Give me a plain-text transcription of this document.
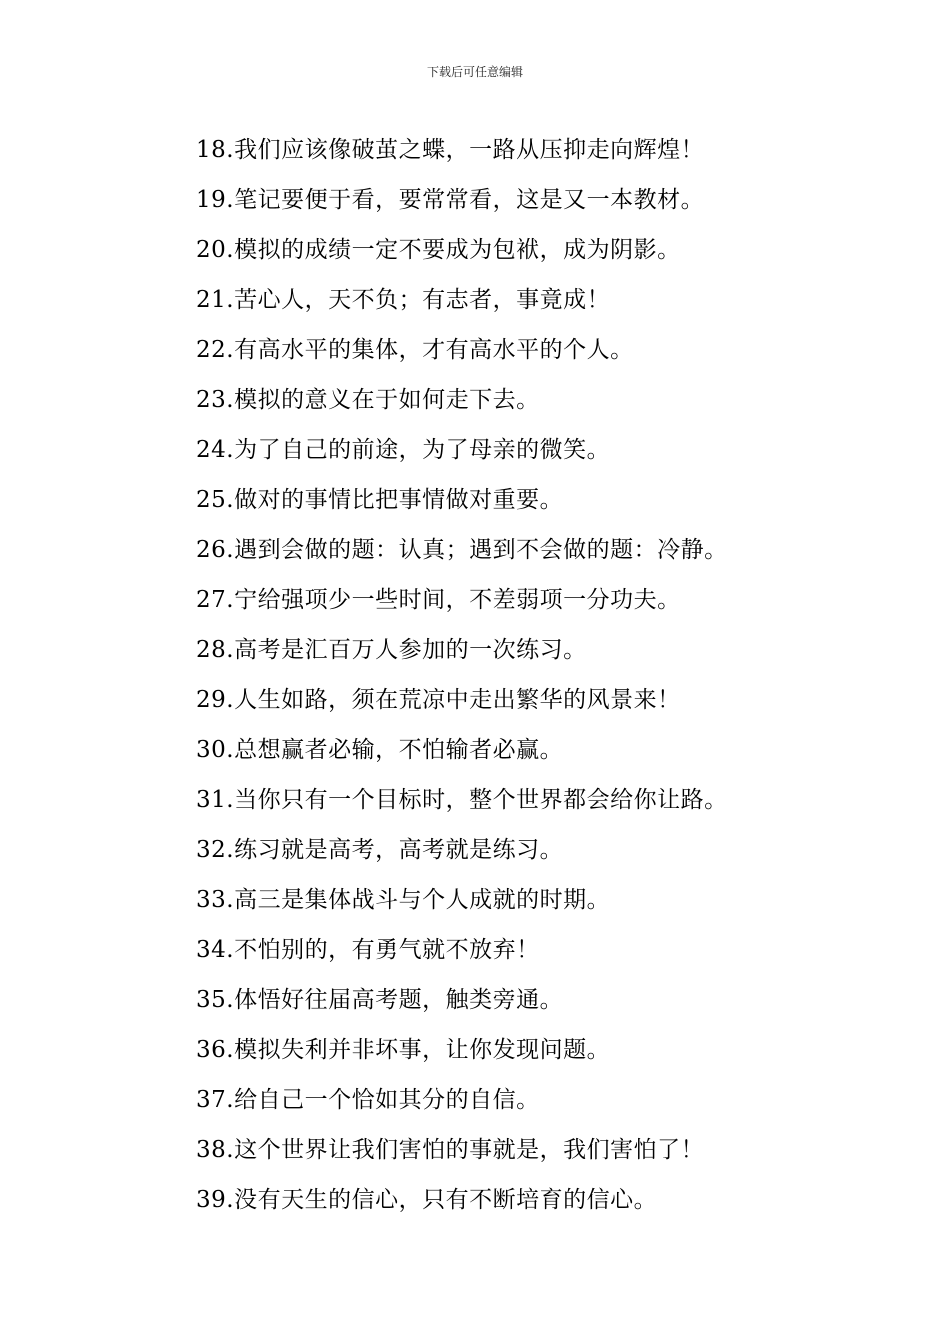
下载后可任意编辑
18.我们应该像破茧之蝶，一路从压抑走向辉煌！
19.笔记要便于看，要常常看，这是又一本教材。
20.模拟的成绩一定不要成为包袱，成为阴影。
21.苦心人，天不负；有志者，事竟成！
22.有高水平的集体，才有高水平的个人。
23.模拟的意义在于如何走下去。
24.为了自己的前途，为了母亲的微笑。
25.做对的事情比把事情做对重要。
26.遇到会做的题：认真；遇到不会做的题：冷静。
27.宁给强项少一些时间，不差弱项一分功夫。
28.高考是汇百万人参加的一次练习。
29.人生如路，须在荒凉中走出繁华的风景来！
30.总想赢者必输，不怕输者必赢。
31.当你只有一个目标时，整个世界都会给你让路。
32.练习就是高考，高考就是练习。
33.高三是集体战斗与个人成就的时期。
34.不怕别的，有勇气就不放弃！
35.体悟好往届高考题，触类旁通。
36.模拟失利并非坏事，让你发现问题。
37.给自己一个恰如其分的自信。
38.这个世界让我们害怕的事就是，我们害怕了！
39.没有天生的信心，只有不断培育的信心。
